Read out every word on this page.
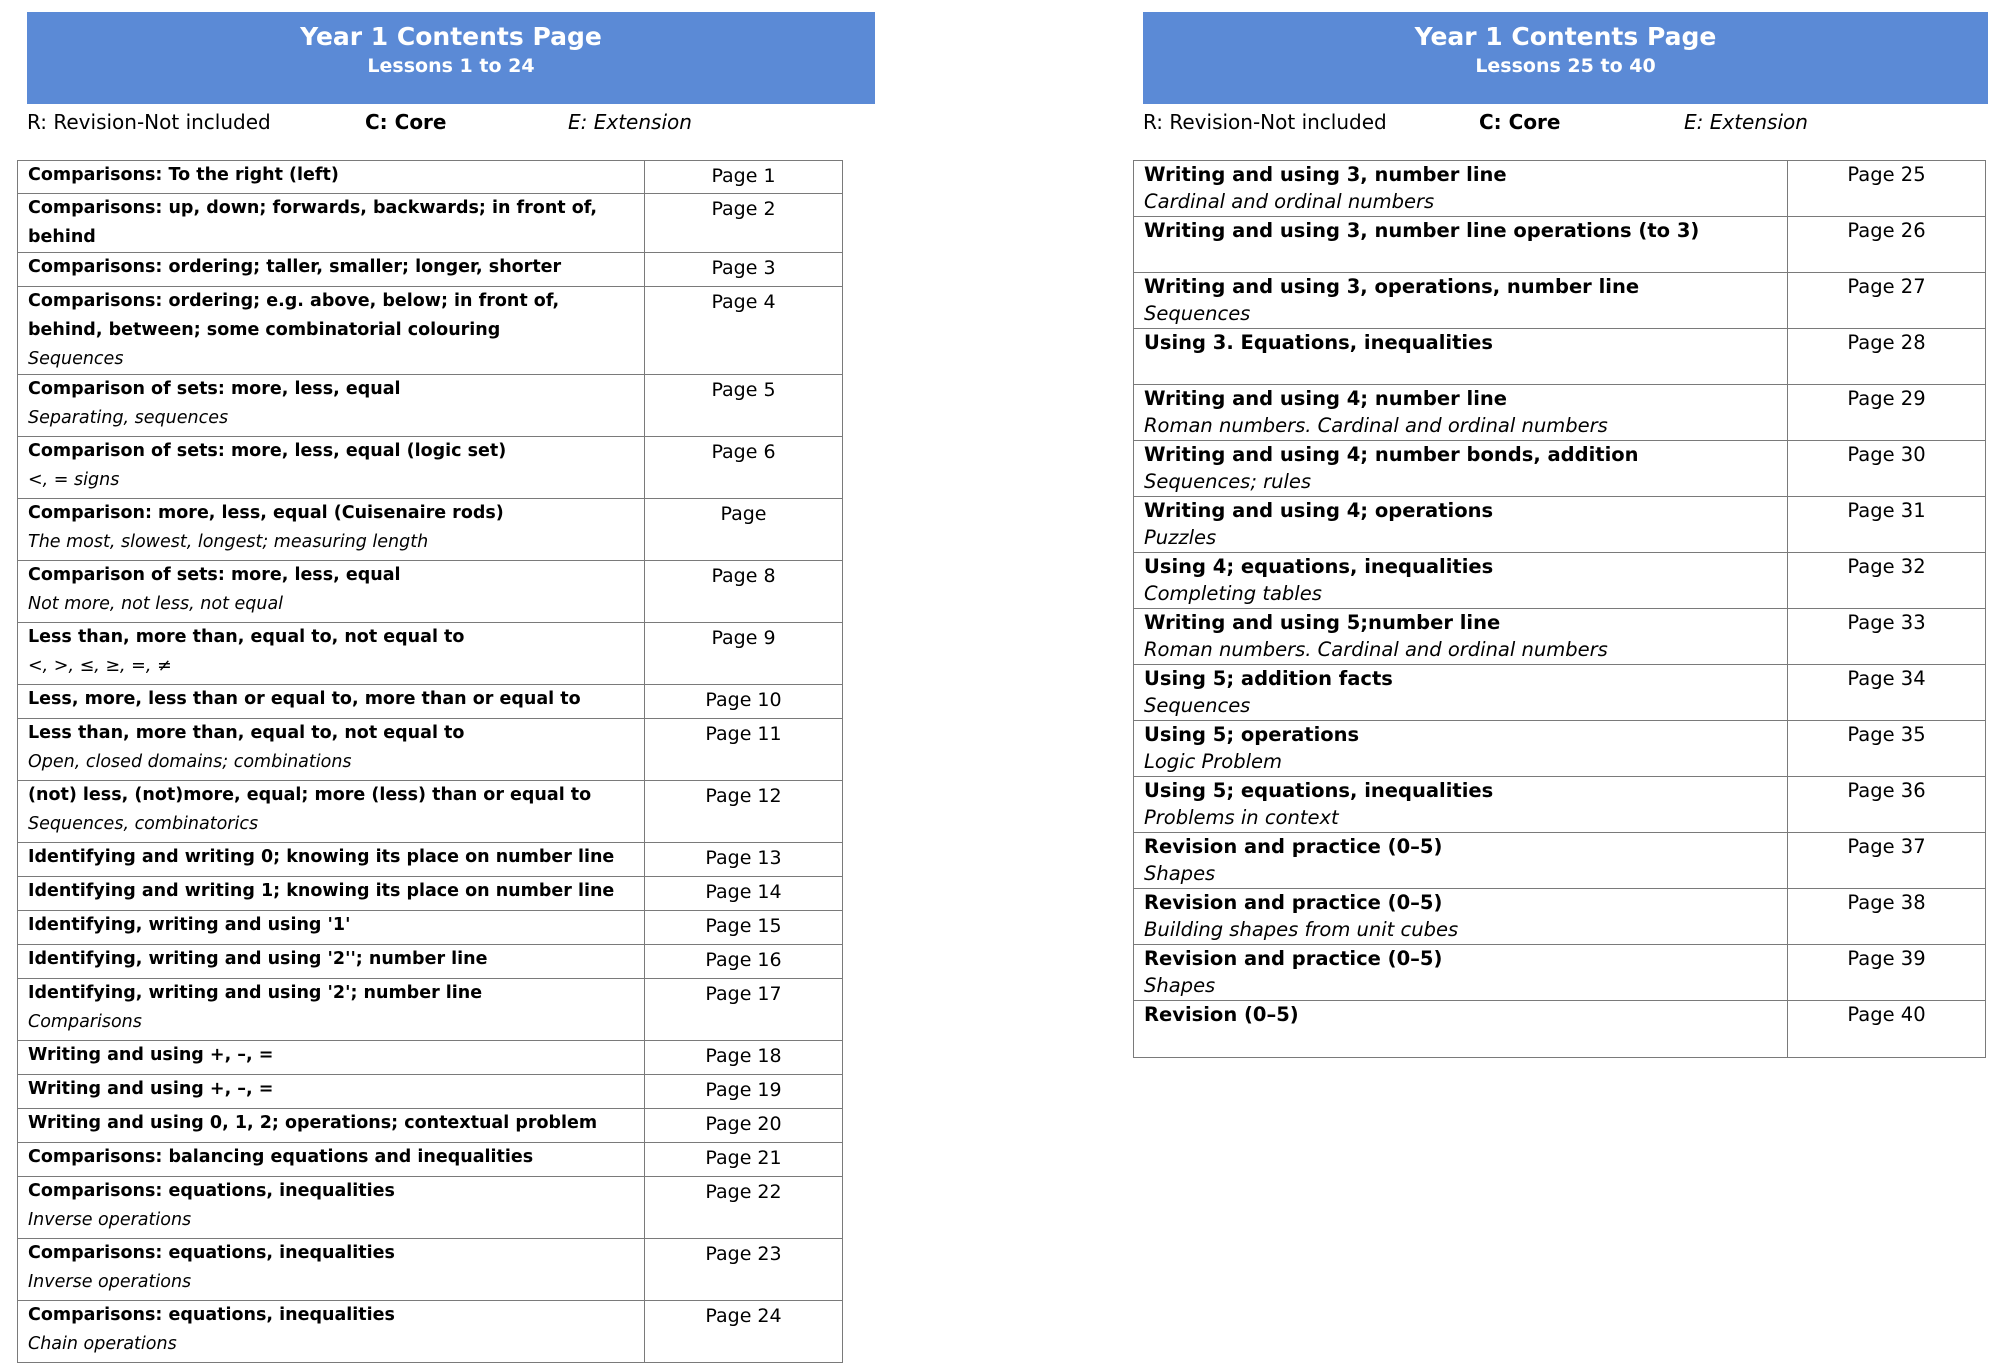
Year 1 Contents Page
Lessons 1 to 24
R: Revision-Not included	C: Core	E: Extension
Comparisons: To the right (left)	Page 1

Comparisons: up, down; forwards, backwards; in front of, behind	Page 2

Comparisons: ordering; taller, smaller; longer, shorter	Page 3

Comparisons: ordering; e.g. above, below; in front of, behind, between; some combinatorial colouring
Sequences	Page 4

Comparison of sets: more, less, equal
Separating, sequences	Page 5

Comparison of sets: more, less, equal (logic set)
<, = signs	Page 6

Comparison: more, less, equal (Cuisenaire rods)
The most, slowest, longest; measuring length	Page

Comparison of sets: more, less, equal
Not more, not less, not equal	Page 8

Less than, more than, equal to, not equal to
<, >, ≤, ≥, =, ≠	Page 9

Less, more, less than or equal to, more than or equal to	Page 10

Less than, more than, equal to, not equal to
Open, closed domains; combinations	Page 11

(not) less, (not)more, equal; more (less) than or equal to
Sequences, combinatorics	Page 12

Identifying and writing 0; knowing its place on number line	Page 13

Identifying and writing 1; knowing its place on number line	Page 14

Identifying, writing and using '1'	Page 15

Identifying, writing and using '2''; number line	Page 16

Identifying, writing and using '2'; number line
Comparisons	Page 17

Writing and using +, –, =	Page 18

Writing and using +, –, =	Page 19

Writing and using 0, 1, 2; operations; contextual problem	Page 20

Comparisons: balancing equations and inequalities	Page 21

Comparisons: equations, inequalities
Inverse operations	Page 22

Comparisons: equations, inequalities
Inverse operations	Page 23

Comparisons: equations, inequalities
Chain operations	Page 24
Year 1 Contents Page
Lessons 25 to 40
R: Revision-Not included	C: Core	E: Extension
Writing and using 3, number line
Cardinal and ordinal numbers	Page 25

Writing and using 3, number line operations (to 3)	Page 26

Writing and using 3, operations, number line
Sequences	Page 27

Using 3. Equations, inequalities	Page 28

Writing and using 4; number line
Roman numbers. Cardinal and ordinal numbers	Page 29

Writing and using 4; number bonds, addition
Sequences; rules	Page 30

Writing and using 4; operations
Puzzles	Page 31

Using 4; equations, inequalities
Completing tables	Page 32

Writing and using 5;number line
Roman numbers. Cardinal and ordinal numbers	Page 33

Using 5; addition facts
Sequences	Page 34

Using 5; operations
Logic Problem	Page 35

Using 5; equations, inequalities
Problems in context	Page 36

Revision and practice (0–5)
Shapes	Page 37

Revision and practice (0–5)
Building shapes from unit cubes	Page 38

Revision and practice (0–5)
Shapes	Page 39

Revision (0–5)	Page 40
